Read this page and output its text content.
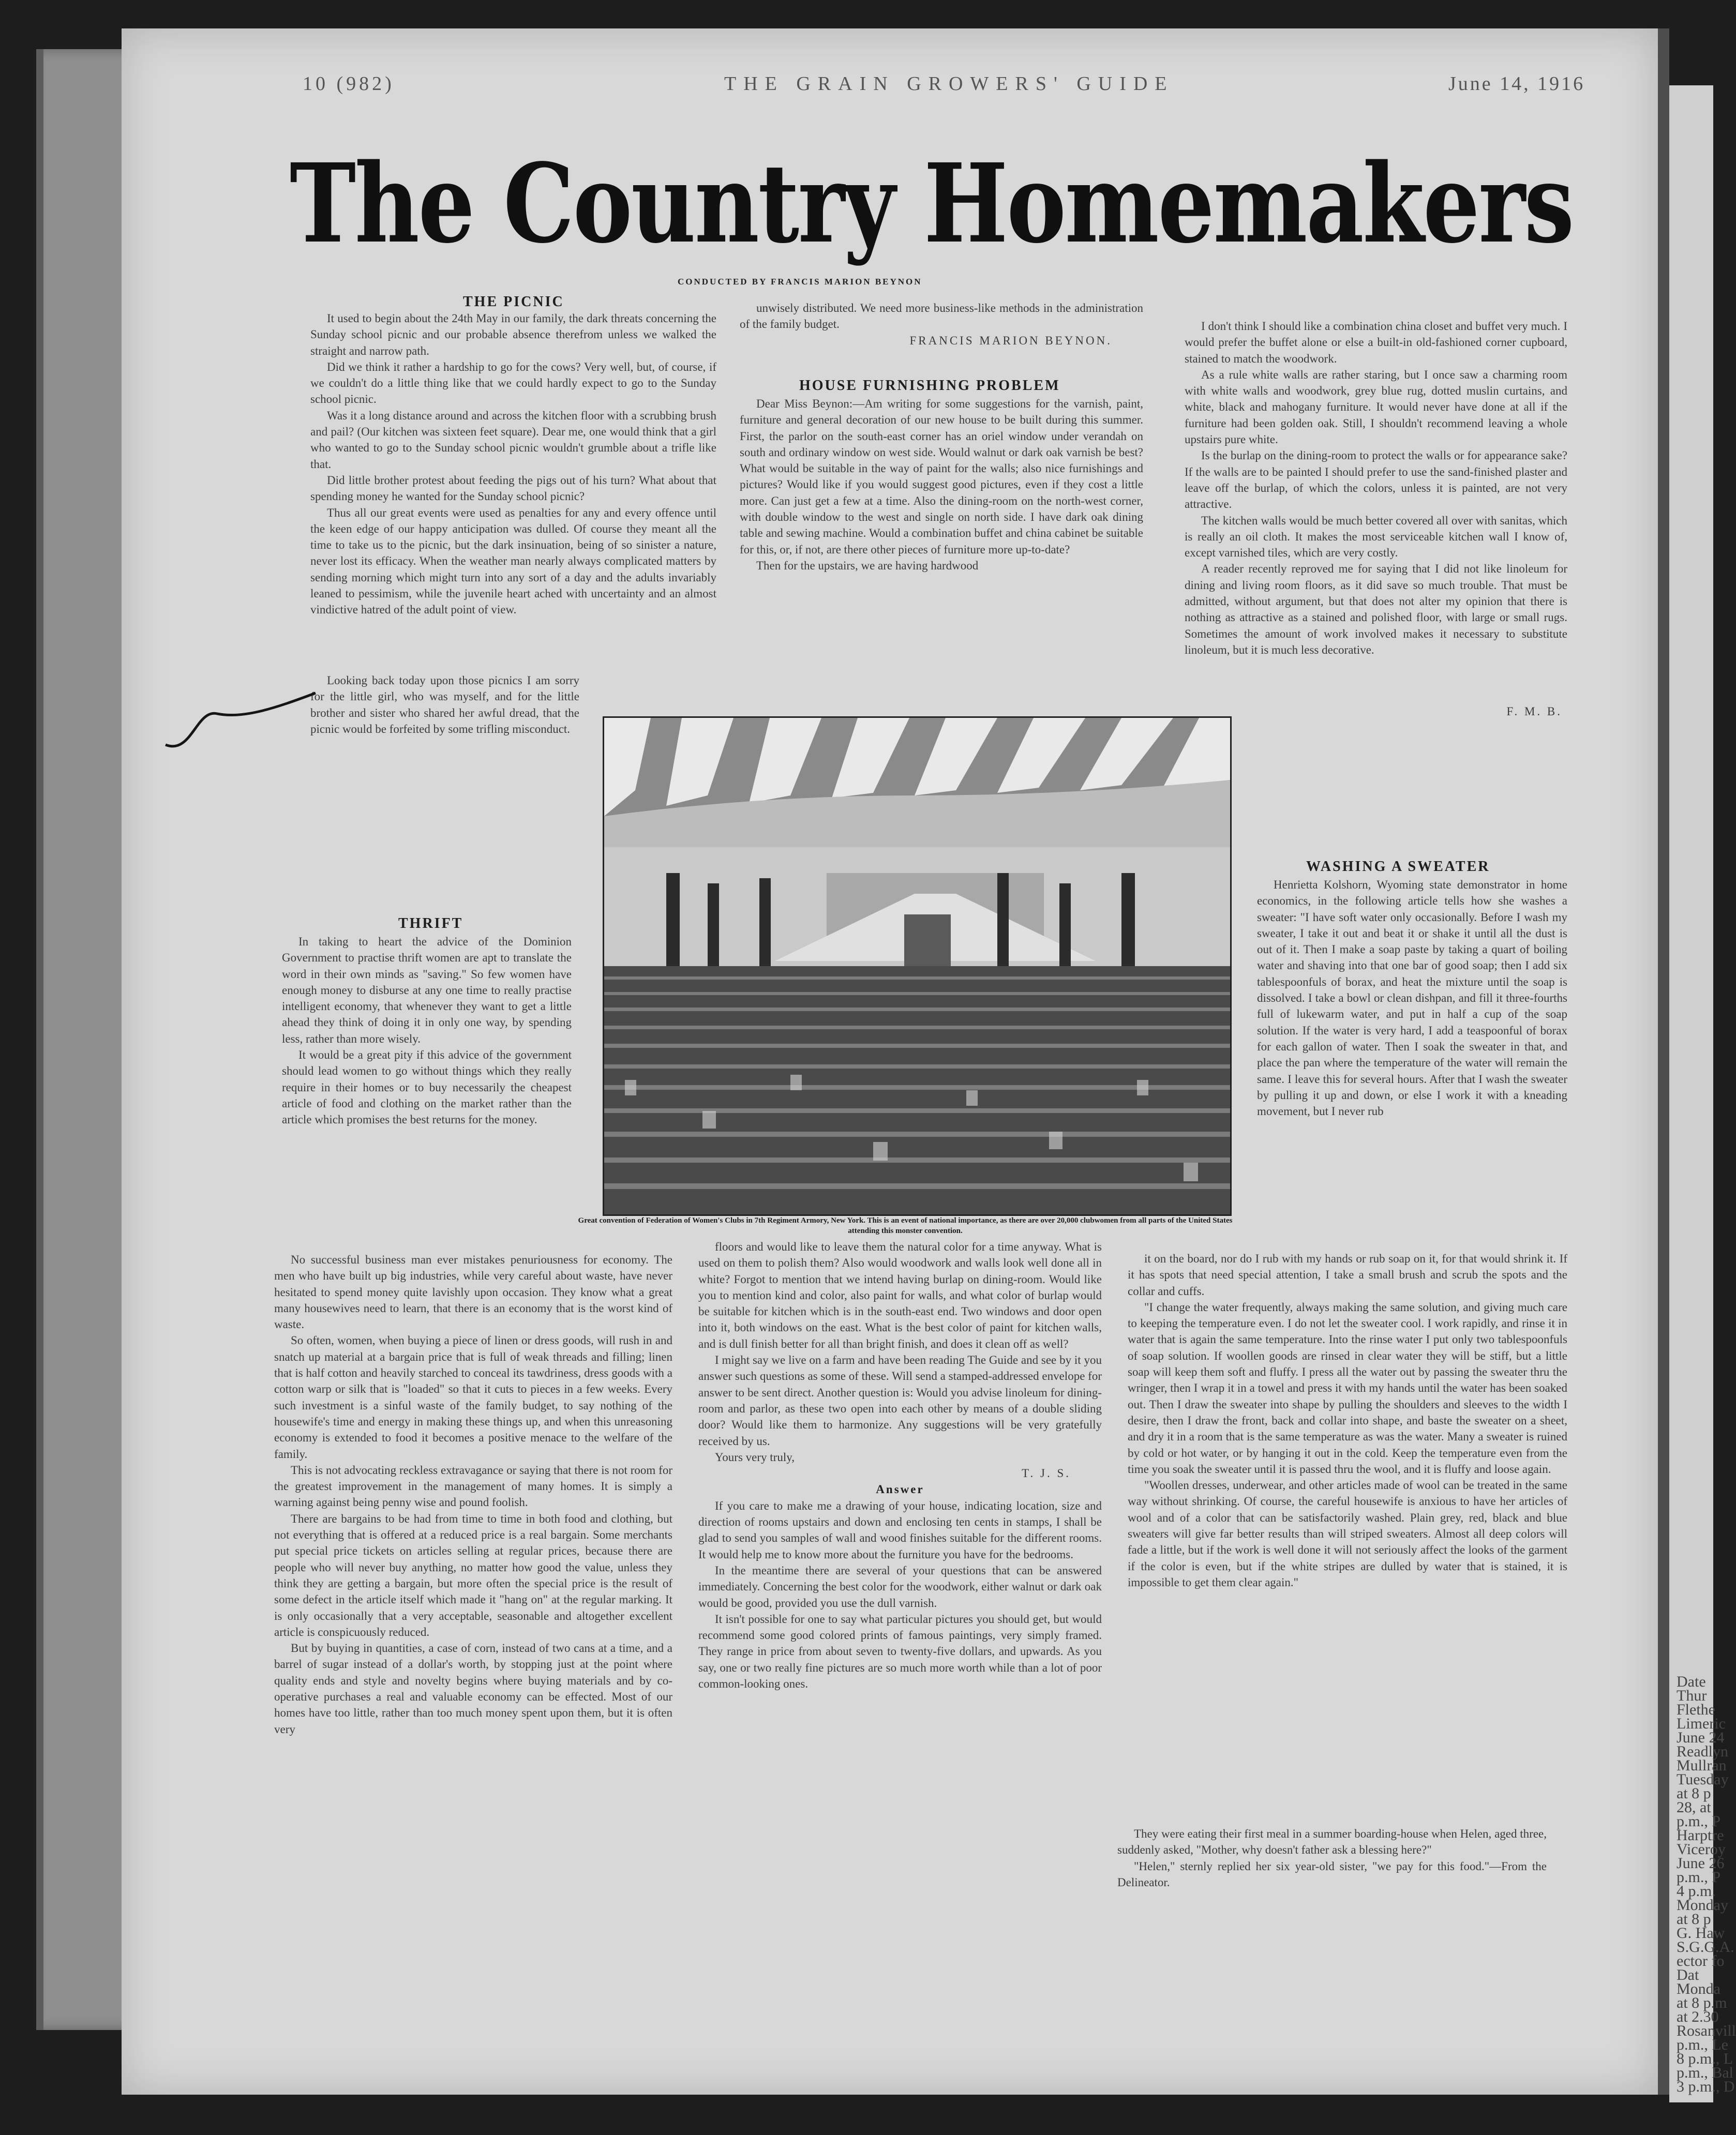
Date
Thur
Flethe
Limeric
June 24
Readlyn
Mullran
Tuesday
at 8 p
28, at
p.m., P
Harptre
Viceroy
June 26
p.m., P
4 p.m.
Monday
at 8 p
G. Haw
S.G.G.A.
ector fo
Dat
Monda
at 8 p.m
at 2.30
Rosanvill
p.m., Le
8 p.m., L
p.m., Bal
3 p.m., D
10 (982)	THE GRAIN GROWERS' GUIDE	June 14, 1916
The Country Homemakers
CONDUCTED BY FRANCIS MARION BEYNON
THE PICNIC

It used to begin about the 24th May in our family, the dark threats concerning the Sunday school picnic and our probable absence therefrom unless we walked the straight and narrow path.

Did we think it rather a hardship to go for the cows? Very well, but, of course, if we couldn't do a little thing like that we could hardly expect to go to the Sunday school picnic.

Was it a long distance around and across the kitchen floor with a scrubbing brush and pail? (Our kitchen was sixteen feet square). Dear me, one would think that a girl who wanted to go to the Sunday school picnic wouldn't grumble about a trifle like that.

Did little brother protest about feeding the pigs out of his turn? What about that spending money he wanted for the Sunday school picnic?

Thus all our great events were used as penalties for any and every offence until the keen edge of our happy anticipation was dulled. Of course they meant all the time to take us to the picnic, but the dark insinuation, being of so sinister a nature, never lost its efficacy. When the weather man nearly always complicated matters by sending morning which might turn into any sort of a day and the adults invariably leaned to pessimism, while the juvenile heart ached with uncertainty and an almost vindictive hatred of the adult point of view.

Looking back today upon those picnics I am sorry for the little girl, who was myself, and for the little brother and sister who shared her awful dread, that the picnic would be forfeited by some trifling misconduct.

THRIFT

In taking to heart the advice of the Dominion Government to practise thrift women are apt to translate the word in their own minds as "saving." So few women have enough money to disburse at any one time to really practise intelligent economy, that whenever they want to get a little ahead they think of doing it in only one way, by spending less, rather than more wisely.

It would be a great pity if this advice of the government should lead women to go without things which they really require in their homes or to buy necessarily the cheapest article of food and clothing on the market rather than the article which promises the best returns for the money.

No successful business man ever mistakes penuriousness for economy. The men who have built up big industries, while very careful about waste, have never hesitated to spend money quite lavishly upon occasion. They know what a great many housewives need to learn, that there is an economy that is the worst kind of waste.

So often, women, when buying a piece of linen or dress goods, will rush in and snatch up material at a bargain price that is full of weak threads and filling; linen that is half cotton and heavily starched to conceal its tawdriness, dress goods with a cotton warp or silk that is "loaded" so that it cuts to pieces in a few weeks. Every such investment is a sinful waste of the family budget, to say nothing of the housewife's time and energy in making these things up, and when this unreasoning economy is extended to food it becomes a positive menace to the welfare of the family.

This is not advocating reckless extravagance or saying that there is not room for the greatest improvement in the management of many homes. It is simply a warning against being penny wise and pound foolish.

There are bargains to be had from time to time in both food and clothing, but not everything that is offered at a reduced price is a real bargain. Some merchants put special price tickets on articles selling at regular prices, because there are people who will never buy anything, no matter how good the value, unless they think they are getting a bargain, but more often the special price is the result of some defect in the article itself which made it "hang on" at the regular marking. It is only occasionally that a very acceptable, seasonable and altogether excellent article is conspicuously reduced.

But by buying in quantities, a case of corn, instead of two cans at a time, and a barrel of sugar instead of a dollar's worth, by stopping just at the point where quality ends and style and novelty begins where buying materials and by co-operative purchases a real and valuable economy can be effected. Most of our homes have too little, rather than too much money spent upon them, but it is often very

unwisely distributed. We need more business-like methods in the administration of the family budget.

FRANCIS MARION BEYNON.

HOUSE FURNISHING PROBLEM

Dear Miss Beynon:—Am writing for some suggestions for the varnish, paint, furniture and general decoration of our new house to be built during this summer. First, the parlor on the south-east corner has an oriel window under verandah on south and ordinary window on west side. Would walnut or dark oak varnish be best? What would be suitable in the way of paint for the walls; also nice furnishings and pictures? Would like if you would suggest good pictures, even if they cost a little more. Can just get a few at a time. Also the dining-room on the north-west corner, with double window to the west and single on north side. I have dark oak dining table and sewing machine. Would a combination buffet and china cabinet be suitable for this, or, if not, are there other pieces of furniture more up-to-date?

Then for the upstairs, we are having hardwood

floors and would like to leave them the natural color for a time anyway. What is used on them to polish them? Also would woodwork and walls look well done all in white? Forgot to mention that we intend having burlap on dining-room. Would like you to mention kind and color, also paint for walls, and what color of burlap would be suitable for kitchen which is in the south-east end. Two windows and door open into it, both windows on the east. What is the best color of paint for kitchen walls, and is dull finish better for all than bright finish, and does it clean off as well?

I might say we live on a farm and have been reading The Guide and see by it you answer such questions as some of these. Will send a stamped-addressed envelope for answer to be sent direct. Another question is: Would you advise linoleum for dining-room and parlor, as these two open into each other by means of a double sliding door? Would like them to harmonize. Any suggestions will be very gratefully received by us.

Yours very truly,

T. J. S.

Answer

If you care to make me a drawing of your house, indicating location, size and direction of rooms upstairs and down and enclosing ten cents in stamps, I shall be glad to send you samples of wall and wood finishes suitable for the different rooms. It would help me to know more about the furniture you have for the bedrooms.

In the meantime there are several of your questions that can be answered immediately. Concerning the best color for the woodwork, either walnut or dark oak would be good, provided you use the dull varnish.

It isn't possible for one to say what particular pictures you should get, but would recommend some good colored prints of famous paintings, very simply framed. They range in price from about seven to twenty-five dollars, and upwards. As you say, one or two really fine pictures are so much more worth while than a lot of poor common-looking ones.

I don't think I should like a combination china closet and buffet very much. I would prefer the buffet alone or else a built-in old-fashioned corner cupboard, stained to match the woodwork.

As a rule white walls are rather staring, but I once saw a charming room with white walls and woodwork, grey blue rug, dotted muslin curtains, and white, black and mahogany furniture. It would never have done at all if the furniture had been golden oak. Still, I shouldn't recommend leaving a whole upstairs pure white.

Is the burlap on the dining-room to protect the walls or for appearance sake? If the walls are to be painted I should prefer to use the sand-finished plaster and leave off the burlap, of which the colors, unless it is painted, are not very attractive.

The kitchen walls would be much better covered all over with sanitas, which is really an oil cloth. It makes the most serviceable kitchen wall I know of, except varnished tiles, which are very costly.

A reader recently reproved me for saying that I did not like linoleum for dining and living room floors, as it did save so much trouble. That must be admitted, without argument, but that does not alter my opinion that there is nothing as attractive as a stained and polished floor, with large or small rugs. Sometimes the amount of work involved makes it necessary to substitute linoleum, but it is much less decorative.

F. M. B.

WASHING A SWEATER

Henrietta Kolshorn, Wyoming state demonstrator in home economics, in the following article tells how she washes a sweater: "I have soft water only occasionally. Before I wash my sweater, I take it out and beat it or shake it until all the dust is out of it. Then I make a soap paste by taking a quart of boiling water and shaving into that one bar of good soap; then I add six tablespoonfuls of borax, and heat the mixture until the soap is dissolved. I take a bowl or clean dishpan, and fill it three-fourths full of lukewarm water, and put in half a cup of the soap solution. If the water is very hard, I add a teaspoonful of borax for each gallon of water. Then I soak the sweater in that, and place the pan where the temperature of the water will remain the same. I leave this for several hours. After that I wash the sweater by pulling it up and down, or else I work it with a kneading movement, but I never rub

it on the board, nor do I rub with my hands or rub soap on it, for that would shrink it. If it has spots that need special attention, I take a small brush and scrub the spots and the collar and cuffs.

"I change the water frequently, always making the same solution, and giving much care to keeping the temperature even. I do not let the sweater cool. I work rapidly, and rinse it in water that is again the same temperature. Into the rinse water I put only two tablespoonfuls of soap solution. If woollen goods are rinsed in clear water they will be stiff, but a little soap will keep them soft and fluffy. I press all the water out by passing the sweater thru the wringer, then I wrap it in a towel and press it with my hands until the water has been soaked out. Then I draw the sweater into shape by pulling the shoulders and sleeves to the width I desire, then I draw the front, back and collar into shape, and baste the sweater on a sheet, and dry it in a room that is the same temperature as was the water. Many a sweater is ruined by cold or hot water, or by hanging it out in the cold. Keep the temperature even from the time you soak the sweater until it is passed thru the wool, and it is fluffy and loose again.

"Woollen dresses, underwear, and other articles made of wool can be treated in the same way without shrinking. Of course, the careful housewife is anxious to have her articles of wool and of a color that can be satisfactorily washed. Plain grey, red, black and blue sweaters will give far better results than will striped sweaters. Almost all deep colors will fade a little, but if the work is well done it will not seriously affect the looks of the garment if the color is even, but if the white stripes are dulled by water that is stained, it is impossible to get them clear again."

They were eating their first meal in a summer boarding-house when Helen, aged three, suddenly asked, "Mother, why doesn't father ask a blessing here?"

"Helen," sternly replied her six year-old sister, "we pay for this food."—From the Delineator.

Great convention of Federation of Women's Clubs in 7th Regiment Armory, New York. This is an event of national importance, as there are over 20,000 clubwomen from all parts of the United States attending this monster convention.
